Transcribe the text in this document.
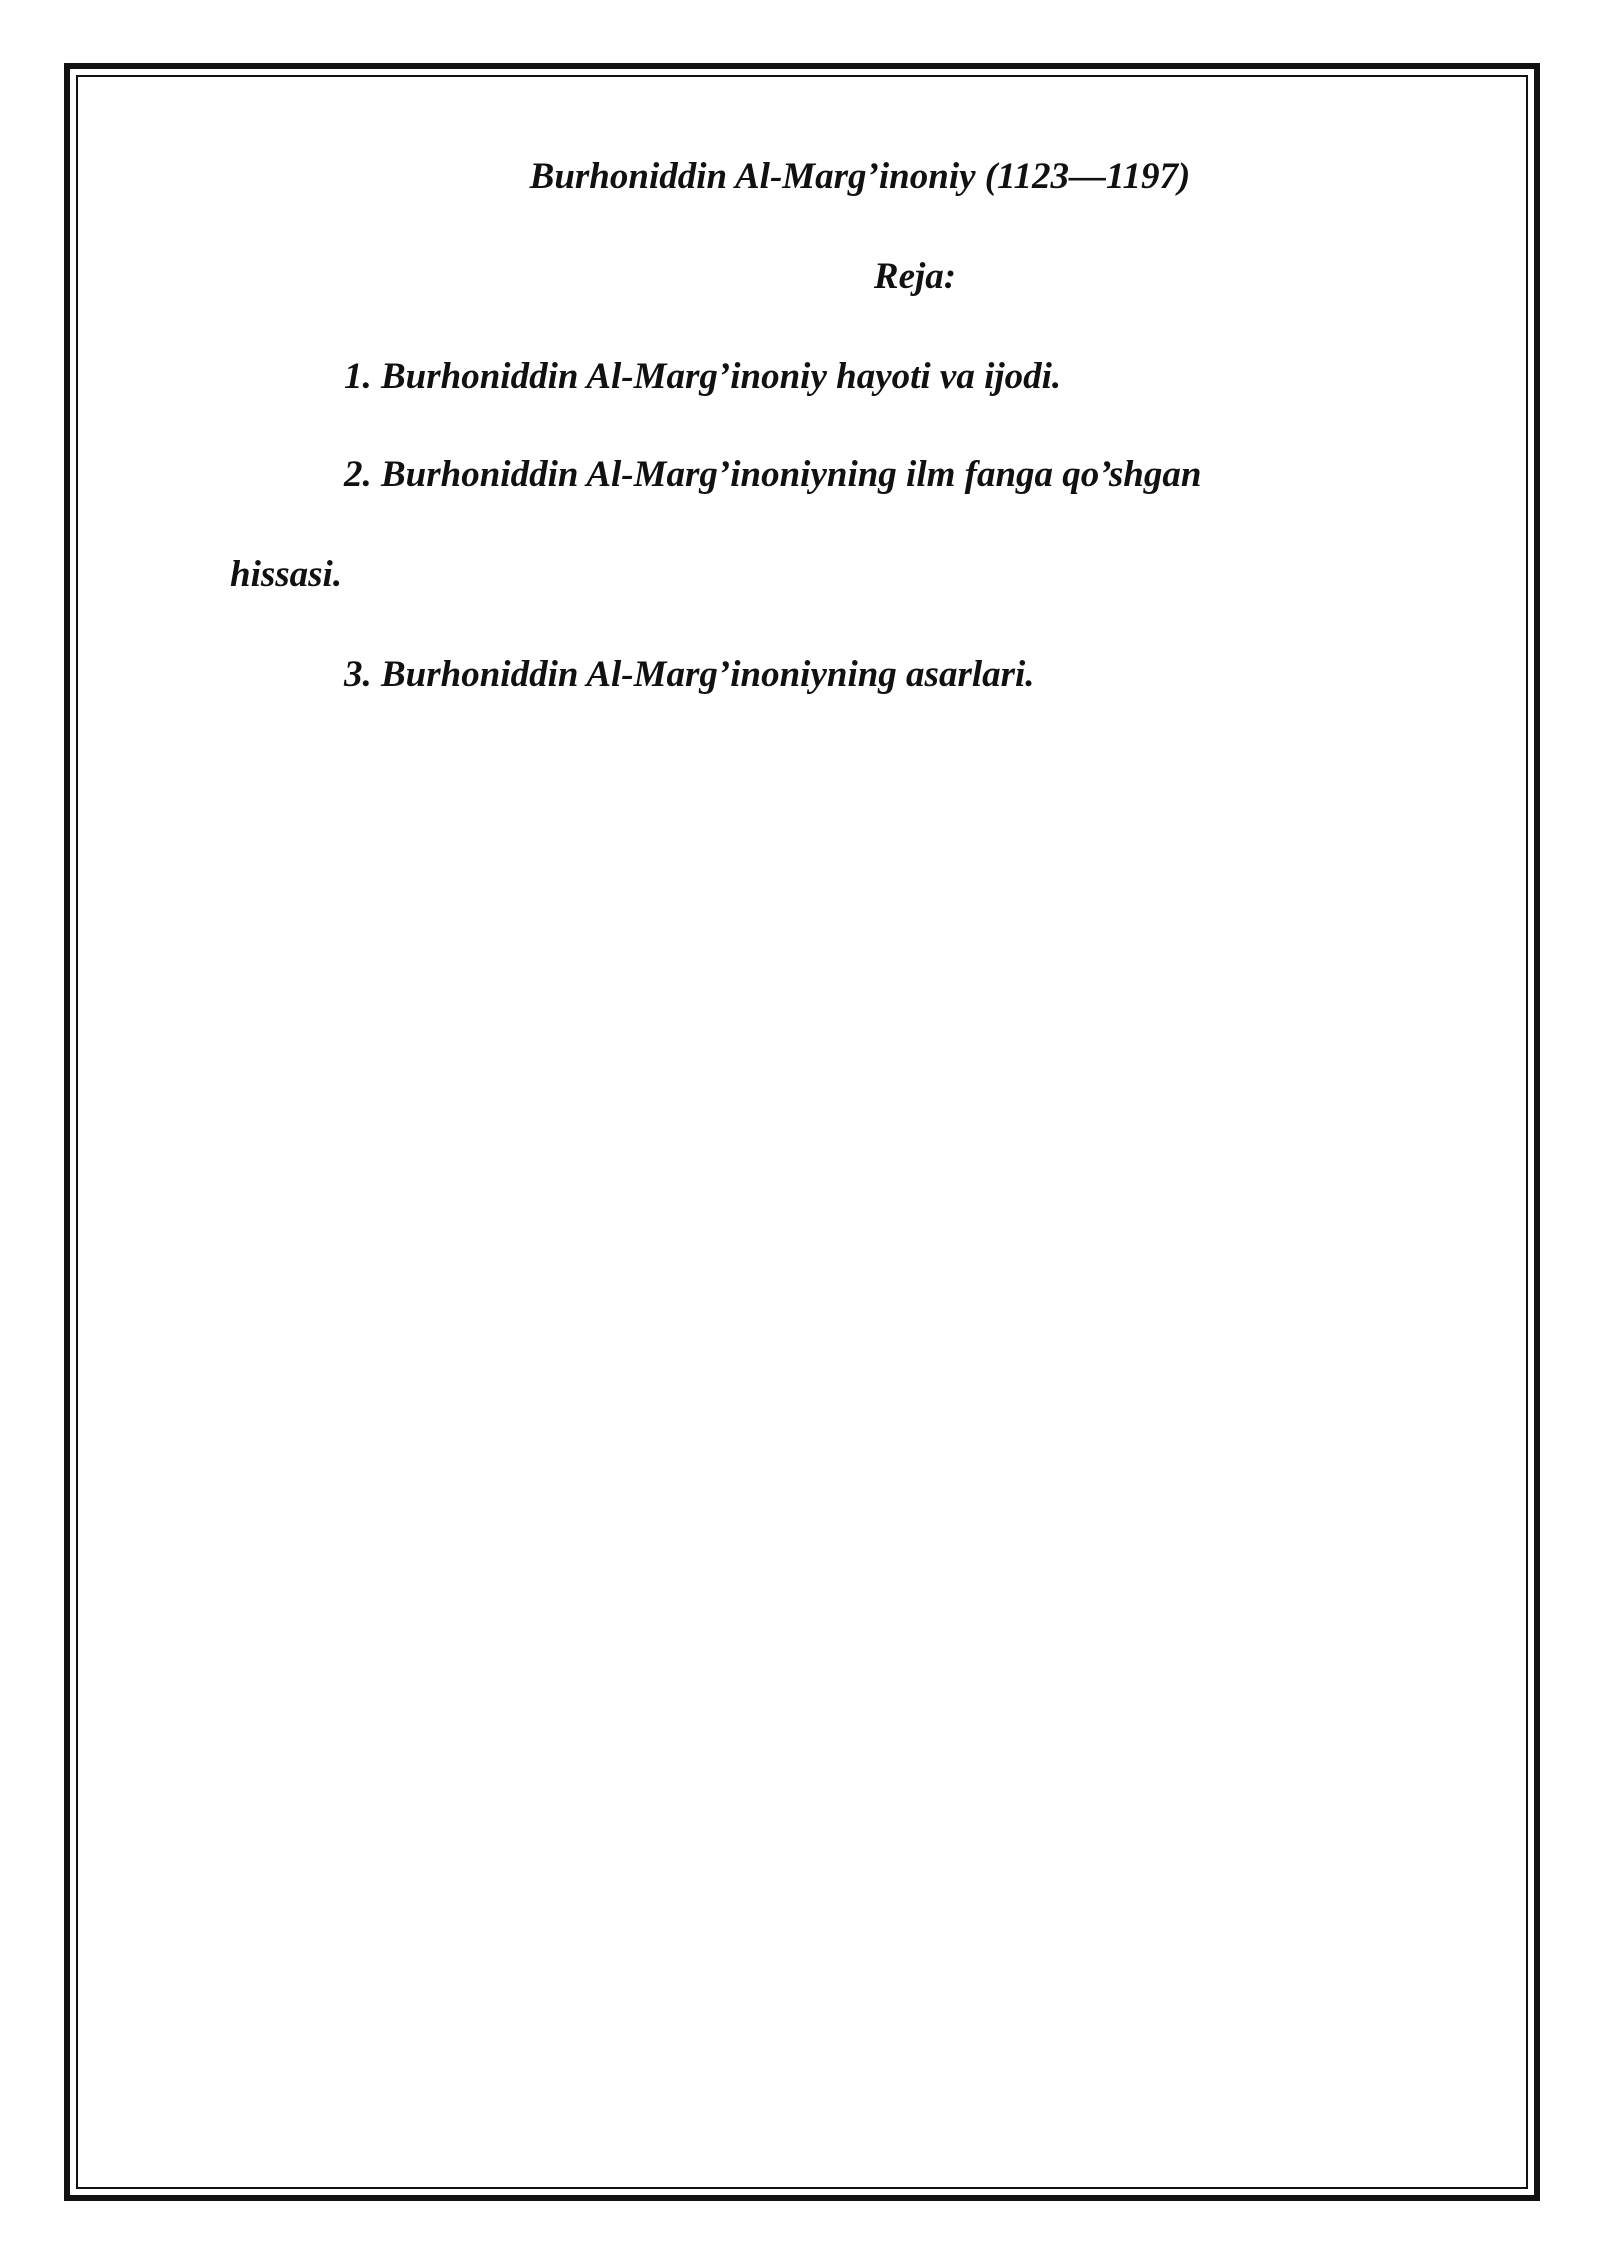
Burhoniddin Al-Marg’inoniy (1123—1197)

Reja:

1. Burhoniddin Al-Marg’inoniy hayoti va ijodi.

2. Burhoniddin Al-Marg’inoniyning ilm fanga qo’shgan

hissasi.

3. Burhoniddin Al-Marg’inoniyning asarlari.
